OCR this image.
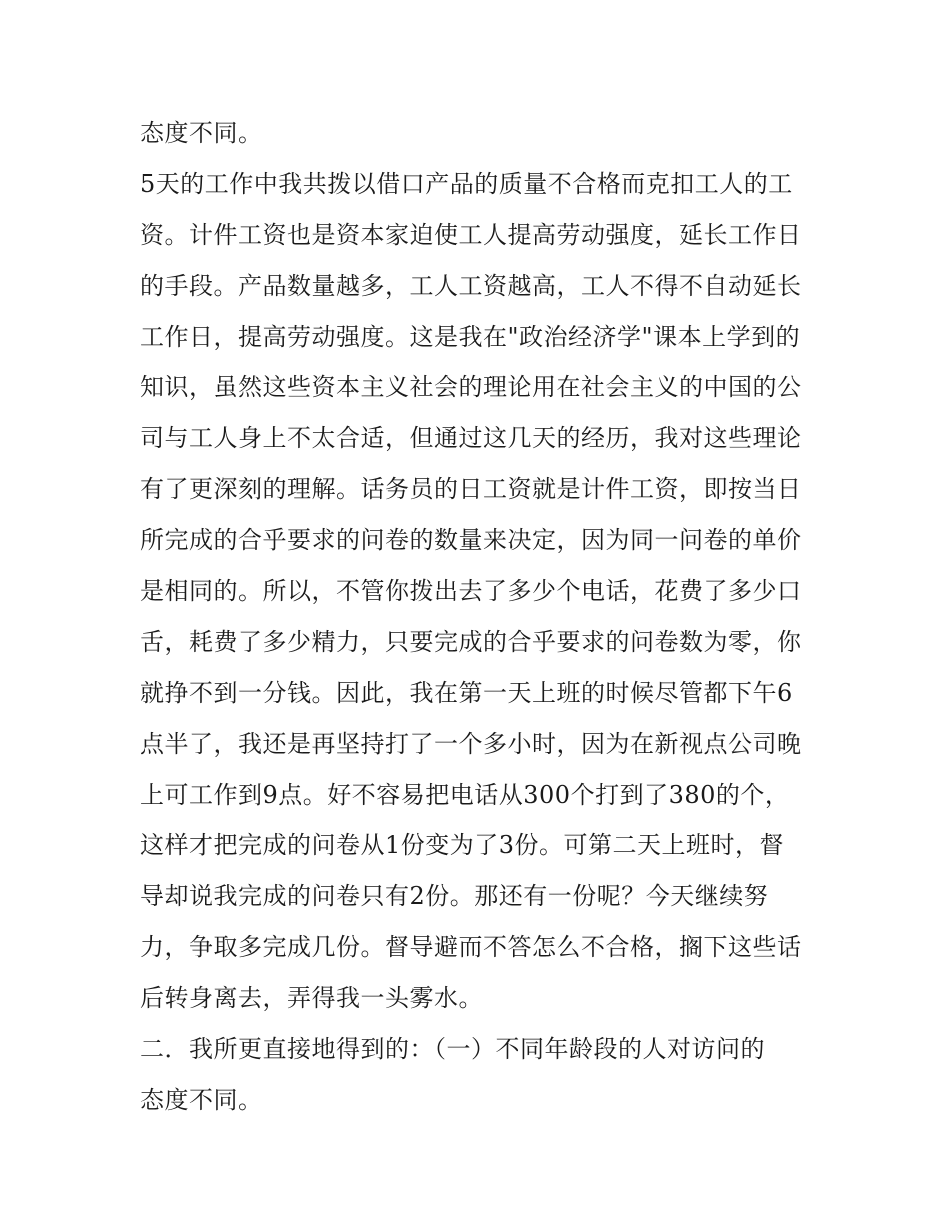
态度不同。
5天的工作中我共拨以借口产品的质量不合格而克扣工人的工
资。计件工资也是资本家迫使工人提高劳动强度，延长工作日
的手段。产品数量越多，工人工资越高，工人不得不自动延长
工作日，提高劳动强度。这是我在"政治经济学"课本上学到的
知识，虽然这些资本主义社会的理论用在社会主义的中国的公
司与工人身上不太合适，但通过这几天的经历，我对这些理论
有了更深刻的理解。话务员的日工资就是计件工资，即按当日
所完成的合乎要求的问卷的数量来决定，因为同一问卷的单价
是相同的。所以，不管你拨出去了多少个电话，花费了多少口
舌，耗费了多少精力，只要完成的合乎要求的问卷数为零，你
就挣不到一分钱。因此，我在第一天上班的时候尽管都下午6
点半了，我还是再坚持打了一个多小时，因为在新视点公司晚
上可工作到9点。好不容易把电话从300个打到了380的个，
这样才把完成的问卷从1份变为了3份。可第二天上班时，督
导却说我完成的问卷只有2份。那还有一份呢？今天继续努
力，争取多完成几份。督导避而不答怎么不合格，搁下这些话
后转身离去，弄得我一头雾水。
二．我所更直接地得到的：（一）不同年龄段的人对访问的
态度不同。
